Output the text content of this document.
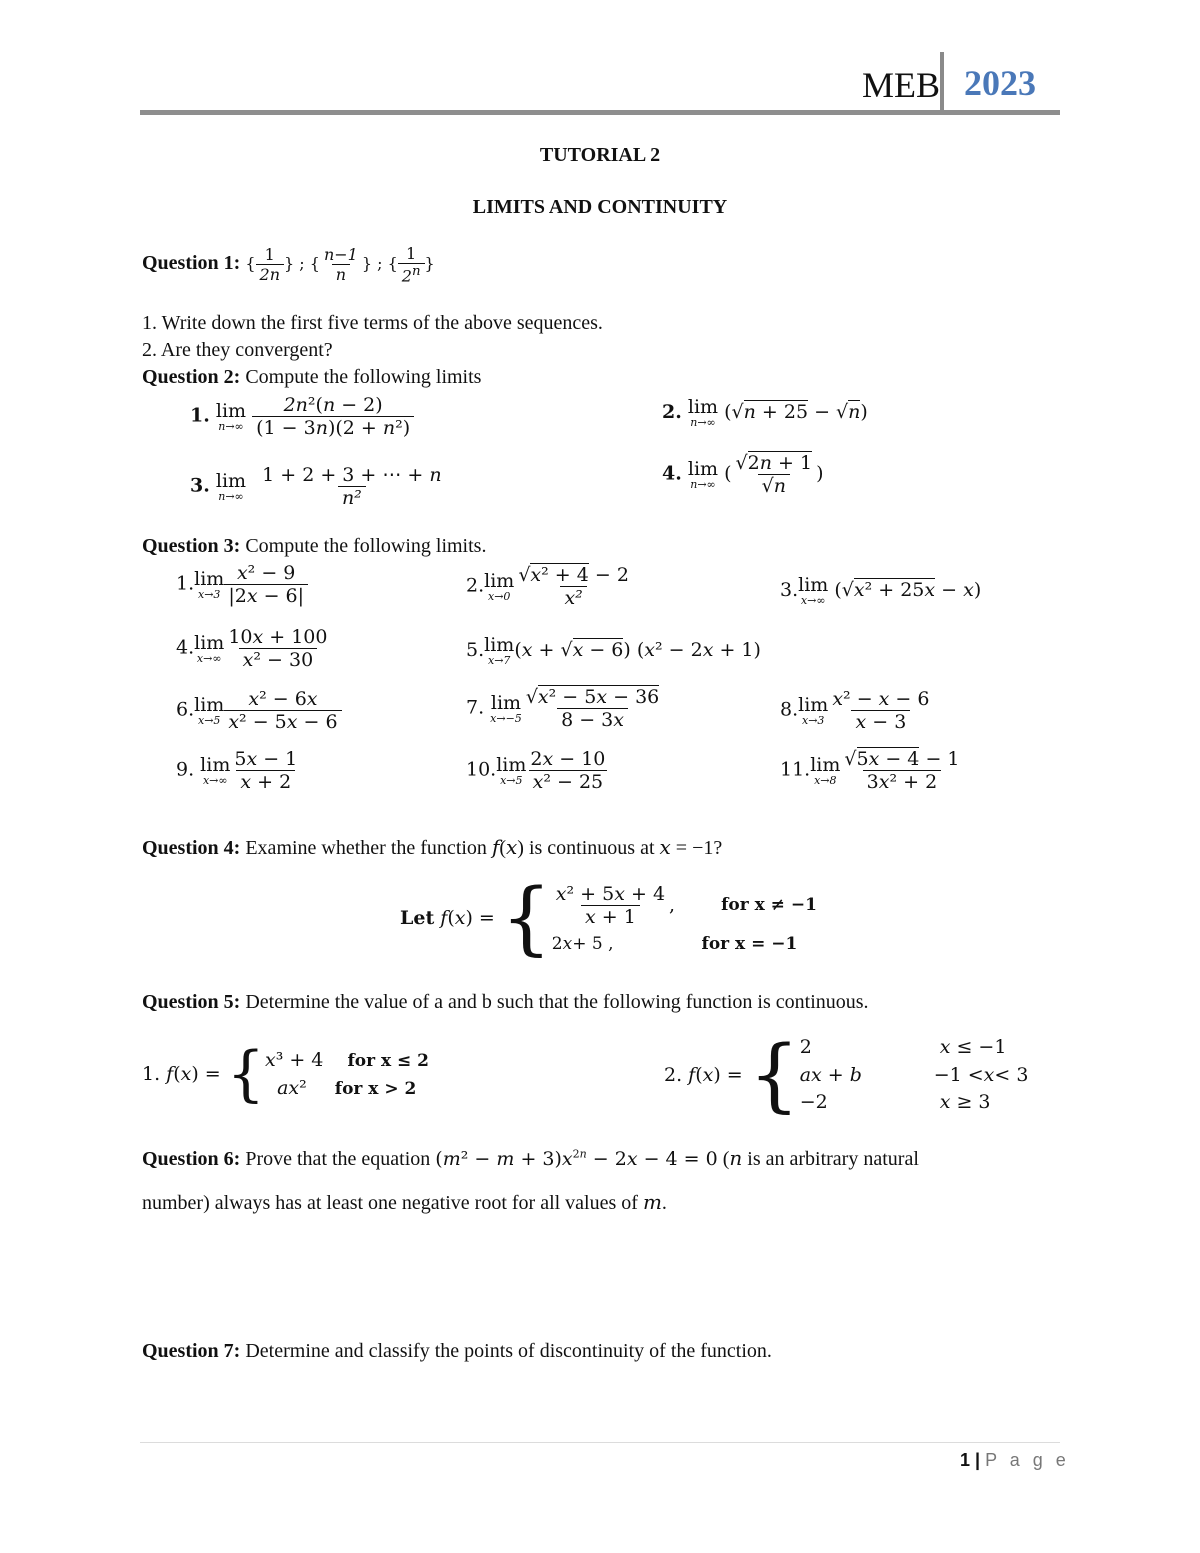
MEB 2023
TUTORIAL 2
LIMITS AND CONTINUITY
Question 1: { $\frac{1}{2n}$ } ; { $\frac{n-1}{n}$ } ; { $\frac{1}{2^n}$ }
1. Write down the first five terms of the above sequences.
2. Are they convergent?
Question 2: Compute the following limits
1. lim
n→∞
$\frac{\text{2n²(n − 2)}}{\text{(1 − 3n)(2 + n²)}}$	2. lim
n→∞ (√n + 25 − √n)
3. lim
n→∞
$\frac{1 + 2 + 3 + \cdots + n}{\text{n²}}$	4. lim
n→∞ ( $\frac{√2n + 1}{√n}$ )
Question 3: Compute the following limits.
1. lim
$x\to 3 \frac{\text{x² − 9}}{|2x - 6|}$	2. lim
$x\to 0 \frac{\text{√x² + 4 − 2}}{\text{x²}}$	3. lim
x→∞ (√x² + 25x − x)
4. lim
$x\to\infty \frac{10x + 100}{\text{x² − 30}}$	5. lim
x→7 (x + √x − 6) (x² − 2x + 1)
6. lim
$x\to 5 \frac{\text{x² − 6x}}{\text{x² − 5x − 6}}$	7. lim
$x\to-5 \frac{\text{√x² − 5x − 36}}{8 - 3x}$	8. lim
$x\to 3 \frac{\text{x² − x − 6}}{x - 3}$
9. lim
$x\to\infty \frac{5x - 1}{x + 2}$	10. lim
$x\to 5 \frac{2x - 10}{\text{x² − 25}}$	11. lim
$x\to 8 \frac{√5x - 4 - 1}{\text{3x² + 2}}$
Question 4: Examine whether the function f(x) is continuous at x = −1?
Let f(x) = { $\frac{\text{x² + 5x + 4}}{x + 1}$ ,	for x ≠ −1
2 x + 5 ,	for x = −1
Question 5: Determine the value of a and b such that the following function is continuous.
1. f(x) = { x³ + 4 for x ≤ 2
ax² for x > 2
2. f(x) = { 2	x ≤ −1
ax + b	−1 < x < 3
−2	x ≥ 3
Question 6: Prove that the equation $(m^2 - m + 3)x^{2n} - 2x - 4 = 0$ (n is an arbitrary natural
number) always has at least one negative root for all values of m.
Question 7: Determine and classify the points of discontinuity of the function.
1 | P a g e
